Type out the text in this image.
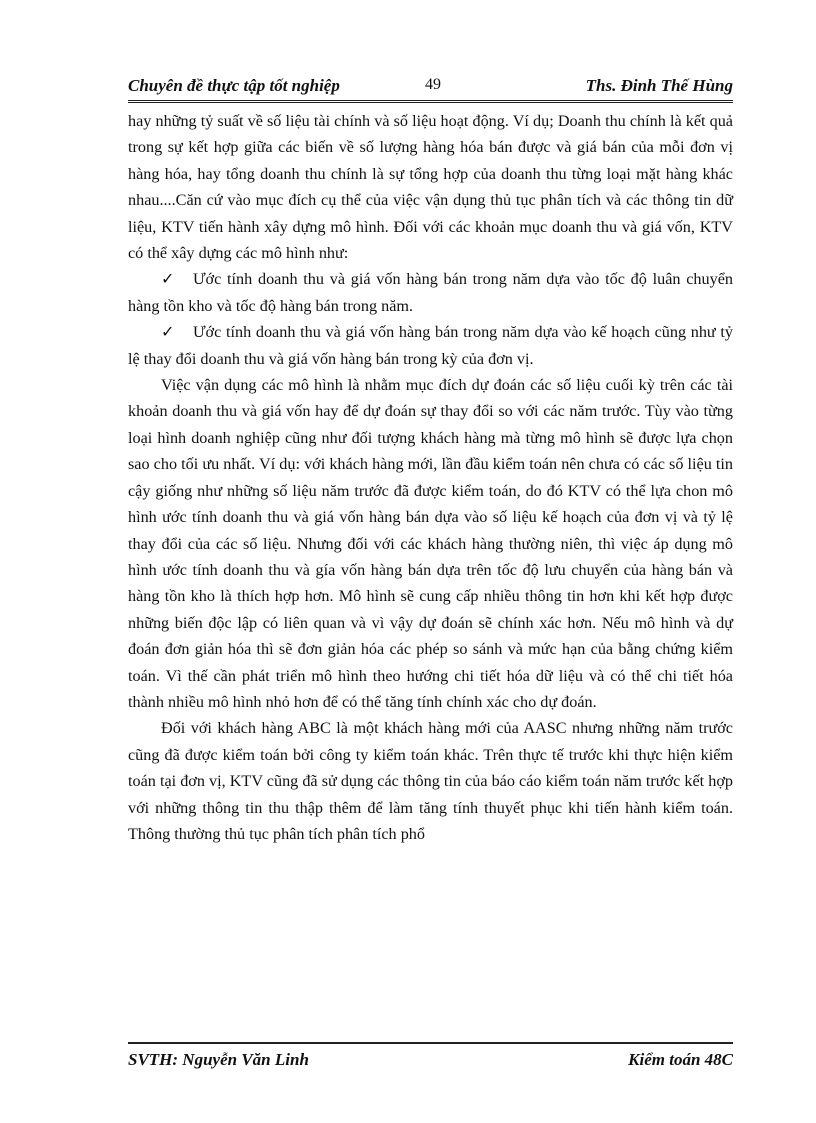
Chuyên đề thực tập tốt nghiệp	49	Ths. Đinh Thế Hùng

hay những tỷ suất về số liệu tài chính và số liệu hoạt động. Ví dụ; Doanh thu chính là kết quả trong sự kết hợp giữa các biến về số lượng hàng hóa bán được và giá bán của mỗi đơn vị hàng hóa, hay tổng doanh thu chính là sự tổng hợp của doanh thu từng loại mặt hàng khác nhau....Căn cứ vào mục đích cụ thể của việc vận dụng thủ tục phân tích và các thông tin dữ liệu, KTV tiến hành xây dựng mô hình. Đối với các khoản mục doanh thu và giá vốn, KTV có thể xây dựng các mô hình như:

✓ Ước tính doanh thu và giá vốn hàng bán trong năm dựa vào tốc độ luân chuyển hàng tồn kho và tốc độ hàng bán trong năm.

✓ Ước tính doanh thu và giá vốn hàng bán trong năm dựa vào kế hoạch cũng như tỷ lệ thay đổi doanh thu và giá vốn hàng bán trong kỳ của đơn vị.

Việc vận dụng các mô hình là nhằm mục đích dự đoán các số liệu cuối kỳ trên các tài khoản doanh thu và giá vốn hay để dự đoán sự thay đổi so với các năm trước. Tùy vào từng loại hình doanh nghiệp cũng như đối tượng khách hàng mà từng mô hình sẽ được lựa chọn sao cho tối ưu nhất. Ví dụ: với khách hàng mới, lần đầu kiểm toán nên chưa có các số liệu tin cậy giống như những số liệu năm trước đã được kiểm toán, do đó KTV có thể lựa chon mô hình ước tính doanh thu và giá vốn hàng bán dựa vào số liệu kế hoạch của đơn vị và tỷ lệ thay đổi của các số liệu. Nhưng đối với các khách hàng thường niên, thì việc áp dụng mô hình ước tính doanh thu và gía vốn hàng bán dựa trên tốc độ lưu chuyển của hàng bán và hàng tồn kho là thích hợp hơn. Mô hình sẽ cung cấp nhiều thông tin hơn khi kết hợp được những biến độc lập có liên quan và vì vậy dự đoán sẽ chính xác hơn. Nếu mô hình và dự đoán đơn giản hóa thì sẽ đơn giản hóa các phép so sánh và mức hạn của bằng chứng kiểm toán. Vì thế cần phát triển mô hình theo hướng chi tiết hóa dữ liệu và có thể chi tiết hóa thành nhiều mô hình nhỏ hơn để có thể tăng tính chính xác cho dự đoán.

Đối với khách hàng ABC là một khách hàng mới của AASC nhưng những năm trước cũng đã được kiểm toán bởi công ty kiểm toán khác. Trên thực tế trước khi thực hiện kiểm toán tại đơn vị, KTV cũng đã sử dụng các thông tin của báo cáo kiểm toán năm trước kết hợp với những thông tin thu thập thêm để làm tăng tính thuyết phục khi tiến hành kiểm toán. Thông thường thủ tục phân tích phân tích phổ

SVTH: Nguyễn Văn Linh	Kiểm toán 48C
